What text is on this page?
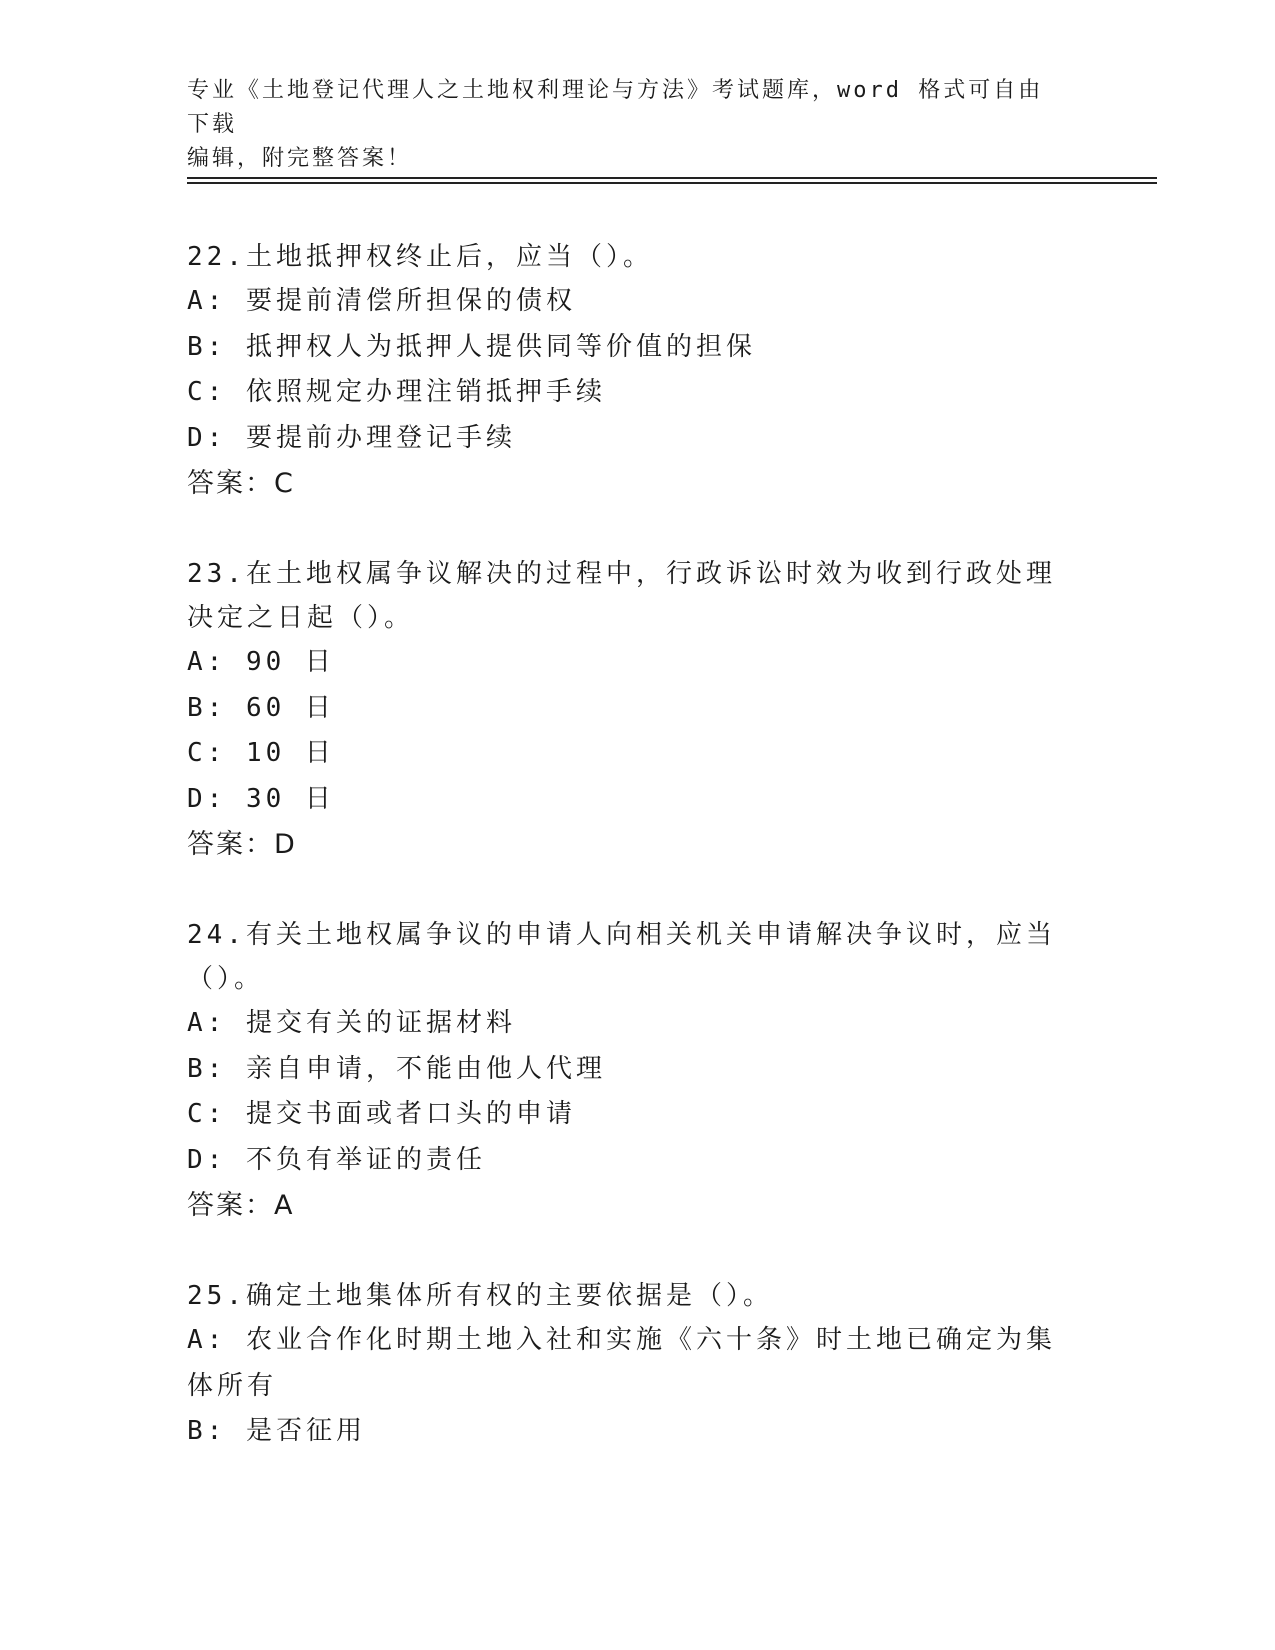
专业《土地登记代理人之土地权利理论与方法》考试题库，word 格式可自由下载
编辑，附完整答案！
22.土地抵押权终止后，应当（）。
A: 要提前清偿所担保的债权
B: 抵押权人为抵押人提供同等价值的担保
C: 依照规定办理注销抵押手续
D: 要提前办理登记手续
答案：C
23.在土地权属争议解决的过程中，行政诉讼时效为收到行政处理决定之日起（）。
A: 90 日
B: 60 日
C: 10 日
D: 30 日
答案：D
24.有关土地权属争议的申请人向相关机关申请解决争议时，应当（）。
A: 提交有关的证据材料
B: 亲自申请，不能由他人代理
C: 提交书面或者口头的申请
D: 不负有举证的责任
答案：A
25.确定土地集体所有权的主要依据是（）。
A: 农业合作化时期土地入社和实施《六十条》时土地已确定为集体所有
B: 是否征用
